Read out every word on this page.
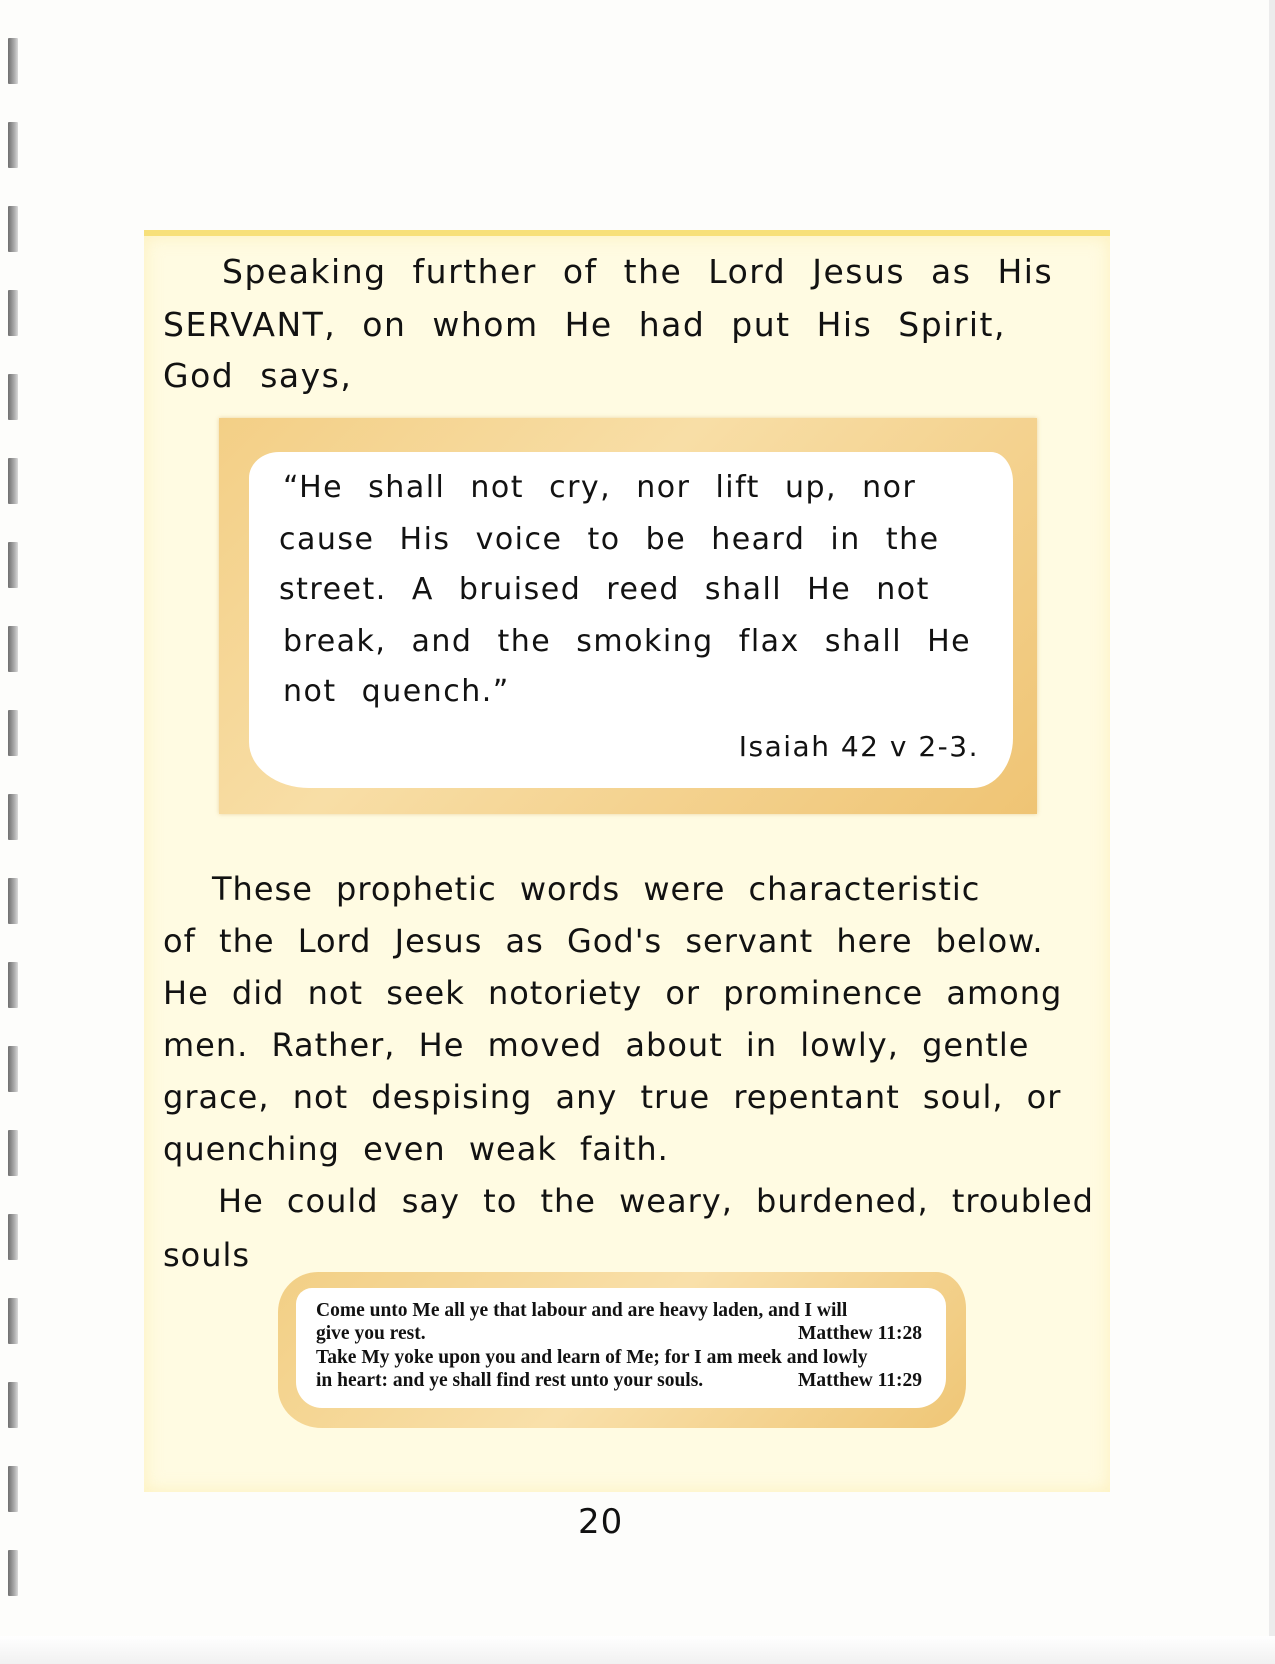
Speaking further of the Lord Jesus as His
SERVANT, on whom He had put His Spirit,
God says,
“He shall not cry, nor lift up, nor
cause His voice to be heard in the
street. A bruised reed shall He not
break, and the smoking flax shall He
not quench.”
Isaiah 42 v 2-3.
These prophetic words were characteristic
of the Lord Jesus as God's servant here below.
He did not seek notoriety or prominence among
men. Rather, He moved about in lowly, gentle
grace, not despising any true repentant soul, or
quenching even weak faith.
He could say to the weary, burdened, troubled
souls
Come unto Me all ye that labour and are heavy laden, and I will
give you rest.	Matthew 11:28
Take My yoke upon you and learn of Me; for I am meek and lowly
in heart: and ye shall find rest unto your souls.	Matthew 11:29
20
